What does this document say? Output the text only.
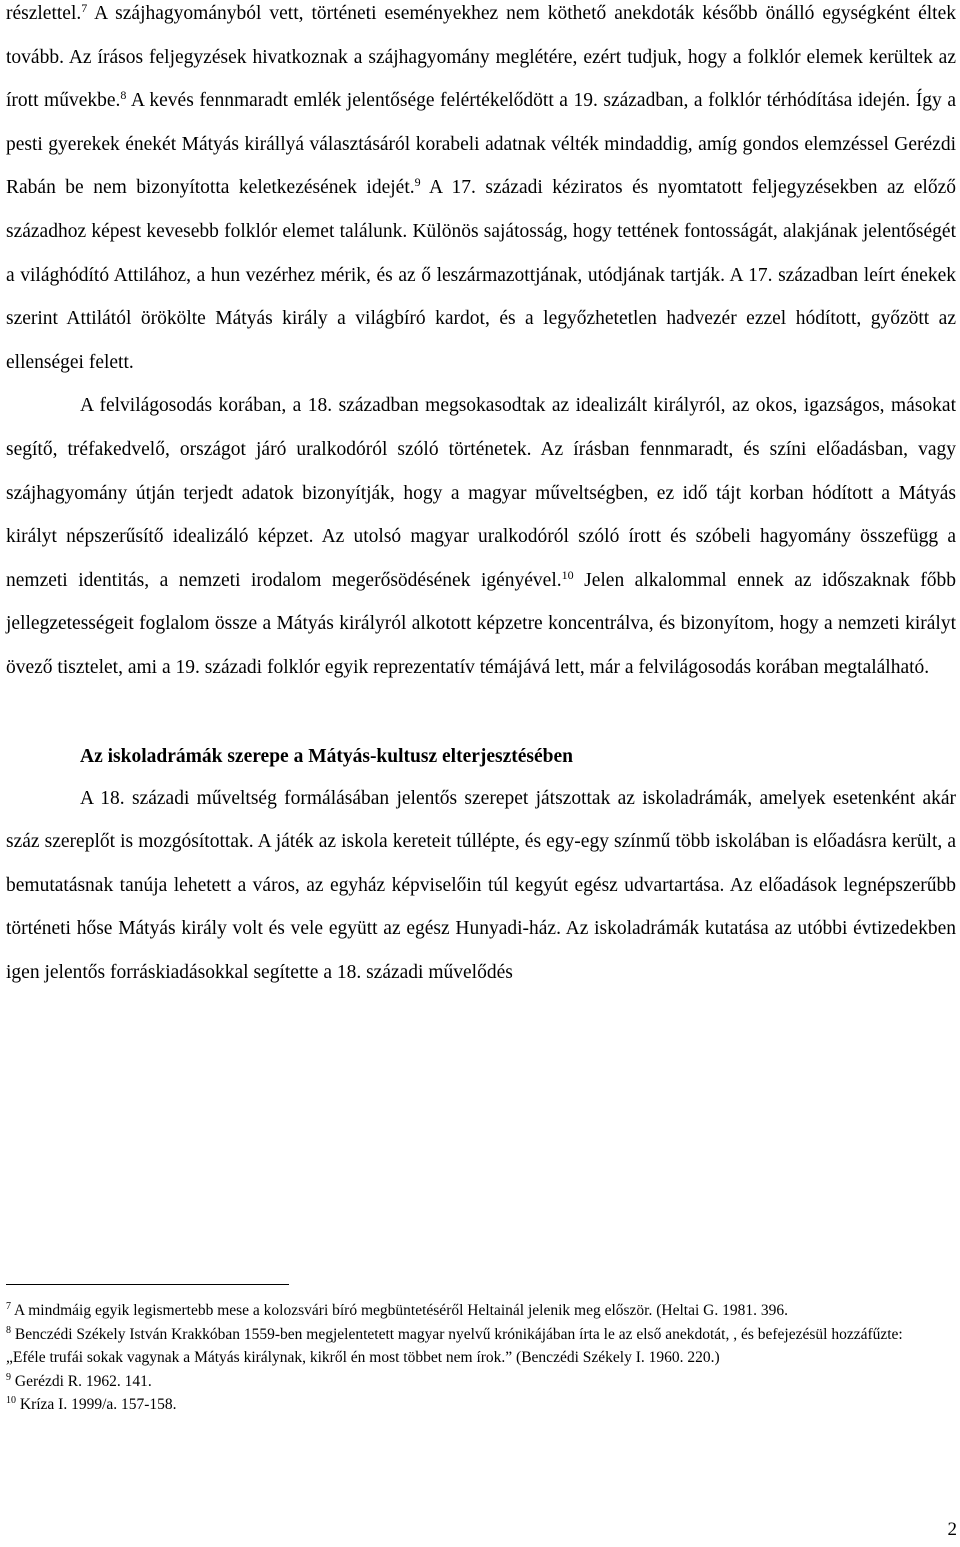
részlettel.$^7$ A szájhagyományból vett, történeti eseményekhez nem köthető anekdoták később önálló egységként éltek tovább. Az írásos feljegyzések hivatkoznak a szájhagyomány meglétére, ezért tudjuk, hogy a folklór elemek kerültek az írott művekbe.$^8$ A kevés fennmaradt emlék jelentősége felértékelődött a 19. században, a folklór térhódítása idején. Így a pesti gyerekek énekét Mátyás királlyá választásáról korabeli adatnak vélték mindaddig, amíg gondos elemzéssel Gerézdi Rabán be nem bizonyította keletkezésének idejét.$^9$ A 17. századi kéziratos és nyomtatott feljegyzésekben az előző századhoz képest kevesebb folklór elemet találunk. Különös sajátosság, hogy tettének fontosságát, alakjának jelentőségét a világhódító Attilához, a hun vezérhez mérik, és az ő leszármazottjának, utódjának tartják. A 17. században leírt énekek szerint Attilától örökölte Mátyás király a világbíró kardot, és a legyőzhetetlen hadvezér ezzel hódított, győzött az ellenségei felett.

A felvilágosodás korában, a 18. században megsokasodtak az idealizált királyról, az okos, igazságos, másokat segítő, tréfakedvelő, országot járó uralkodóról szóló történetek. Az írásban fennmaradt, és színi előadásban, vagy szájhagyomány útján terjedt adatok bizonyítják, hogy a magyar műveltségben, ez idő tájt korban hódított a Mátyás királyt népszerűsítő idealizáló képzet. Az utolsó magyar uralkodóról szóló írott és szóbeli hagyomány összefügg a nemzeti identitás, a nemzeti irodalom megerősödésének igényével.$^{10}$ Jelen alkalommal ennek az időszaknak főbb jellegzetességeit foglalom össze a Mátyás királyról alkotott képzetre koncentrálva, és bizonyítom, hogy a nemzeti királyt övező tisztelet, ami a 19. századi folklór egyik reprezentatív témájává lett, már a felvilágosodás korában megtalálható.

Az iskoladrámák szerepe a Mátyás-kultusz elterjesztésében

A 18. századi műveltség formálásában jelentős szerepet játszottak az iskoladrámák, amelyek esetenként akár száz szereplőt is mozgósítottak. A játék az iskola kereteit túllépte, és egy-egy színmű több iskolában is előadásra került, a bemutatásnak tanúja lehetett a város, az egyház képviselőin túl kegyút egész udvartartása. Az előadások legnépszerűbb történeti hőse Mátyás király volt és vele együtt az egész Hunyadi-ház. Az iskoladrámák kutatása az utóbbi évtizedekben igen jelentős forráskiadásokkal segítette a 18. századi művelődés

$^7$ A mindmáig egyik legismertebb mese a kolozsvári bíró megbüntetéséről Heltainál jelenik meg először. (Heltai G. 1981. 396.

$^8$ Benczédi Székely István Krakkóban 1559-ben megjelentetett magyar nyelvű krónikájában írta le az első anekdotát, , és befejezésül hozzáfűzte: „Eféle trufái sokak vagynak a Mátyás királynak, kikről én most többet nem írok.” (Benczédi Székely I. 1960. 220.)

$^9$ Gerézdi R. 1962. 141.

$^{10}$ Kríza I. 1999/a. 157-158.

2
